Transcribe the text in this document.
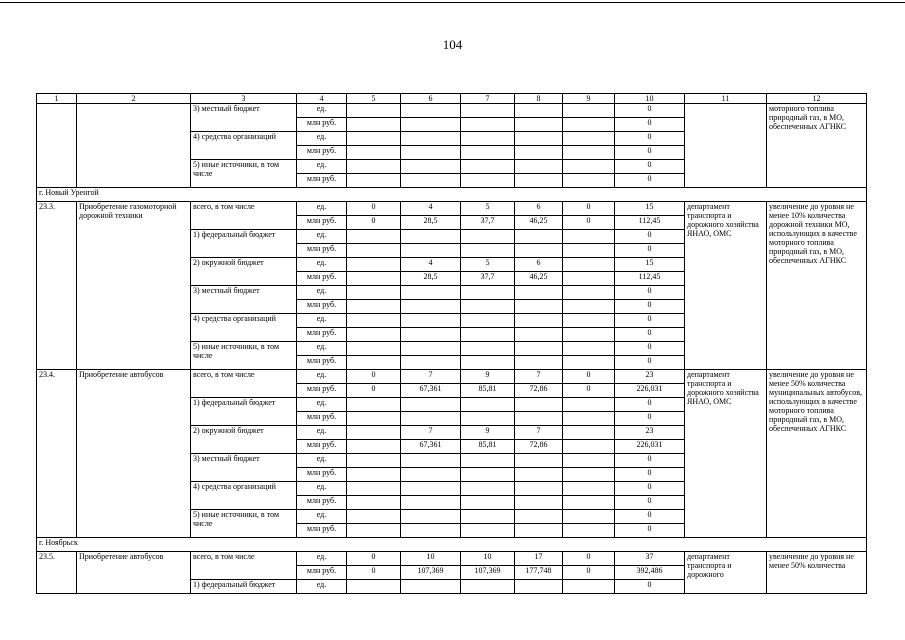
104
1	2	3	4	5	6	7	8	9	10	11	12
		3) местный бюджет	ед.						0		моторного топлива природный газ, в МО, обеспеченных АГНКС
			млн руб.						0		
		4) средства организаций	ед.						0		
			млн руб.						0		
		5) иные источники, в том числе	ед.						0		
			млн руб.						0		
г. Новый Уренгой											
23.3.	Приобретение газомоторной дорожной техники	всего, в том числе	ед.	0	4	5	6	0	15	департамент транспорта и дорожного хозяйства ЯНАО, ОМС	увеличение до уровня не менее 10% количества дорожной техники МО, использующих в качестве моторного топлива природный газ, в МО, обеспеченных АГНКС
			млн руб.	0	28,5	37,7	46,25	0	112,45		
		1) федеральный бюджет	ед.						0		
			млн руб.						0		
		2) окружной бюджет	ед.		4	5	6		15		
			млн руб.		28,5	37,7	46,25		112,45		
		3) местный бюджет	ед.						0		
			млн руб.						0		
		4) средства организаций	ед.						0		
			млн руб.						0		
		5) иные источники, в том числе	ед.						0		
			млн руб.						0		
23.4.	Приобретение автобусов	всего, в том числе	ед.	0	7	9	7	0	23	департамент транспорта и дорожного хозяйства ЯНАО, ОМС	увеличение до уровня не менее 50% количества муниципальных автобусов, использующих в качестве моторного топлива природный газ, в МО, обеспеченных АГНКС
			млн руб.	0	67,361	85,81	72,86	0	226,031		
		1) федеральный бюджет	ед.						0		
			млн руб.						0		
		2) окружной бюджет	ед.		7	9	7		23		
			млн руб.		67,361	85,81	72,86		226,031		
		3) местный бюджет	ед.						0		
			млн руб.						0		
		4) средства организаций	ед.						0		
			млн руб.						0		
		5) иные источники, в том числе	ед.						0		
			млн руб.						0		
г. Ноябрьск											
23.5.	Приобретение автобусов	всего, в том числе	ед.	0	10	10	17	0	37	департамент транспорта и дорожного	увеличение до уровня не менее 50% количества
			млн руб.	0	107,369	107,369	177,748	0	392,486		
		1) федеральный бюджет	ед.						0		
